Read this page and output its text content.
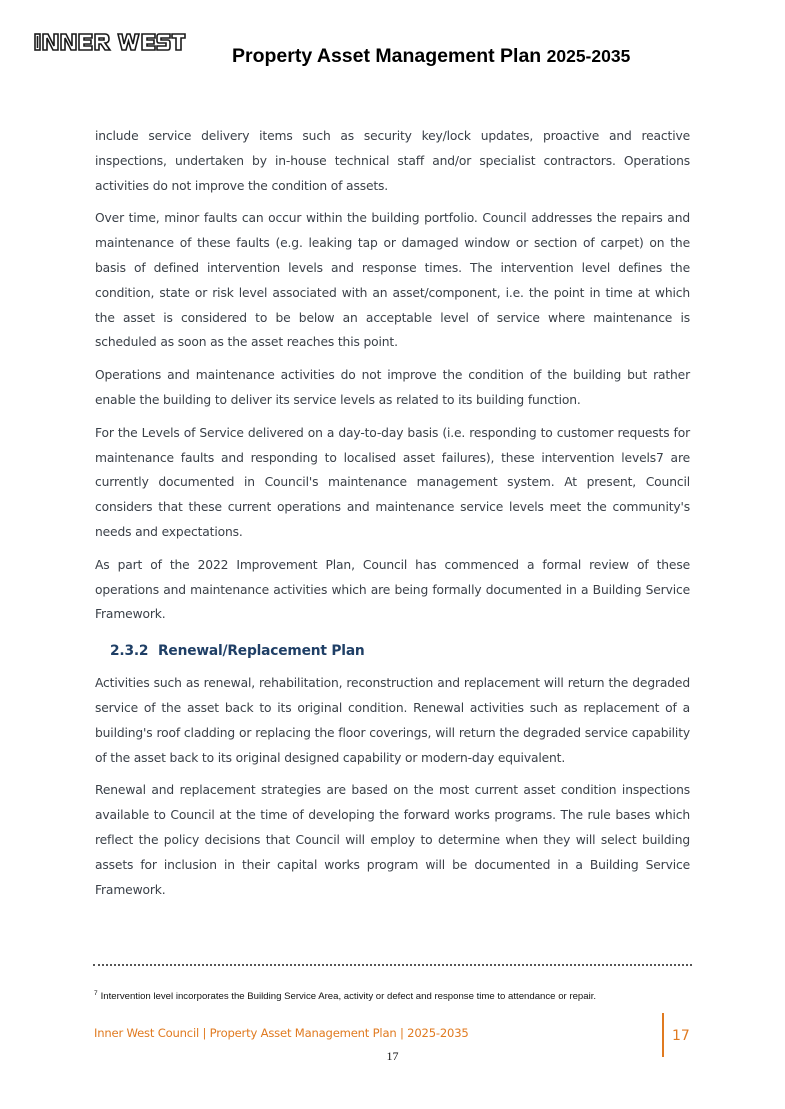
Property Asset Management Plan 2025-2035

include service delivery items such as security key/lock updates, proactive and reactive inspections, undertaken by in-house technical staff and/or specialist contractors. Operations activities do not improve the condition of assets.

Over time, minor faults can occur within the building portfolio. Council addresses the repairs and maintenance of these faults (e.g. leaking tap or damaged window or section of carpet) on the basis of defined intervention levels and response times. The intervention level defines the condition, state or risk level associated with an asset/component, i.e. the point in time at which the asset is considered to be below an acceptable level of service where maintenance is scheduled as soon as the asset reaches this point.

Operations and maintenance activities do not improve the condition of the building but rather enable the building to deliver its service levels as related to its building function.

For the Levels of Service delivered on a day-to-day basis (i.e. responding to customer requests for maintenance faults and responding to localised asset failures), these intervention levels7 are currently documented in Council's maintenance management system. At present, Council considers that these current operations and maintenance service levels meet the community's needs and expectations.

As part of the 2022 Improvement Plan, Council has commenced a formal review of these operations and maintenance activities which are being formally documented in a Building Service Framework.

2.3.2 Renewal/Replacement Plan

Activities such as renewal, rehabilitation, reconstruction and replacement will return the degraded service of the asset back to its original condition. Renewal activities such as replacement of a building's roof cladding or replacing the floor coverings, will return the degraded service capability of the asset back to its original designed capability or modern-day equivalent.

Renewal and replacement strategies are based on the most current asset condition inspections available to Council at the time of developing the forward works programs. The rule bases which reflect the policy decisions that Council will employ to determine when they will select building assets for inclusion in their capital works program will be documented in a Building Service Framework.

$^7$ Intervention level incorporates the Building Service Area, activity or defect and response time to attendance or repair.
Inner West Council | Property Asset Management Plan | 2025-2035	17
17
